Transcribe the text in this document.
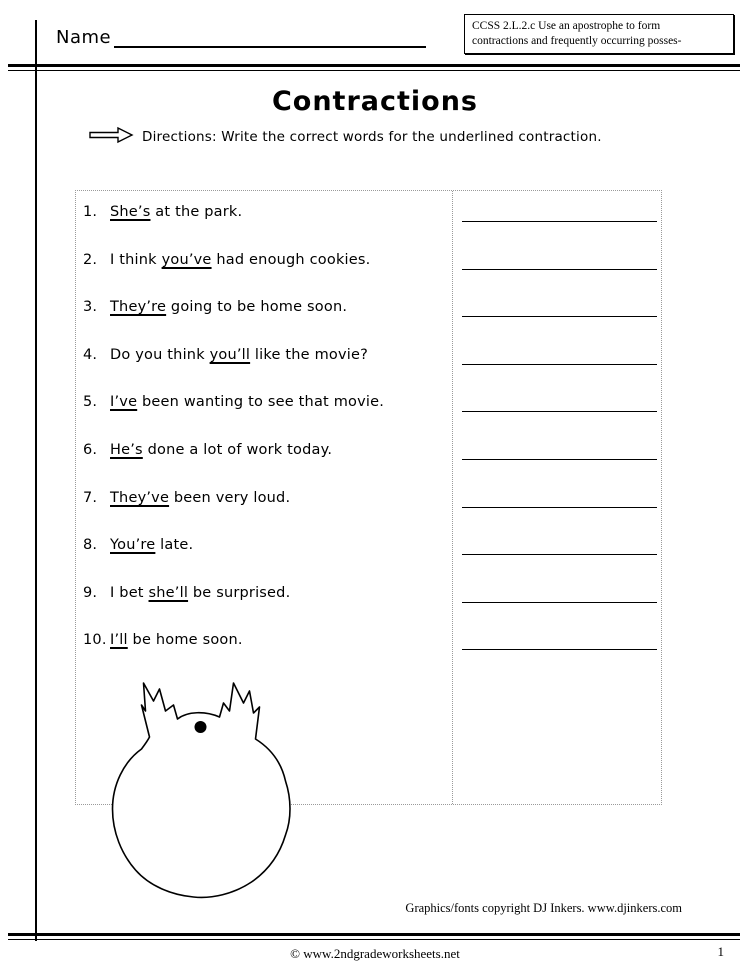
Name
CCSS 2.L.2.c Use an apostrophe to form
contractions and frequently occurring posses-
Contractions
Directions: Write the correct words for the underlined contraction.
1. She’s at the park.
2. I think you’ve had enough cookies.
3. They’re going to be home soon.
4. Do you think you’ll like the movie?
5. I’ve been wanting to see that movie.
6. He’s done a lot of work today.
7. They’ve been very loud.
8. You’re late.
9. I bet she’ll be surprised.
10. I’ll be home soon.
Graphics/fonts copyright DJ Inkers. www.djinkers.com
© www.2ndgradeworksheets.net	1
